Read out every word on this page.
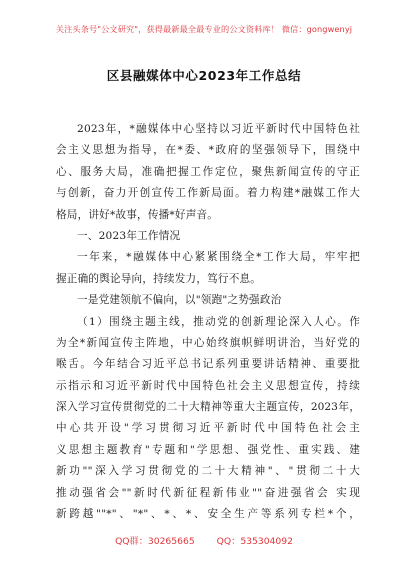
关注头条号"公文研究"，获得最新最全最专业的公文资料库！ 微信：gongwenyj
区县融媒体中心2023年工作总结

2023年，*融媒体中心坚持以习近平新时代中国特色社

会主义思想为指导，在*委、*政府的坚强领导下，围绕中

心、服务大局，准确把握工作定位，聚焦新闻宣传的守正

与创新，奋力开创宣传工作新局面。着力构建*融媒工作大

格局，讲好*故事，传播*好声音。

一、2023年工作情况

一年来，*融媒体中心紧紧围绕全*工作大局，牢牢把

握正确的舆论导向，持续发力，笃行不息。

一是党建领航不偏向，以"领跑"之势强政治

（1）围绕主题主线，推动党的创新理论深入人心。作

为全*新闻宣传主阵地，中心始终旗帜鲜明讲治，当好党的

喉舌。今年结合习近平总书记系列重要讲话精神、重要批

示指示和习近平新时代中国特色社会主义思想宣传，持续

深入学习宣传贯彻党的二十大精神等重大主题宣传，2023年，

中心共开设"学习贯彻习近平新时代中国特色社会主

义思想主题教育"专题和"学思想、强党性、重实践、建

新功""深入学习贯彻党的二十大精神"、"贯彻二十大

推动强省会""新时代新征程新伟业""奋进强省会 实现

新跨越""*"、"*"、*、*、安全生产等系列专栏*个，

QQ群：30265665 QQ：535304092
